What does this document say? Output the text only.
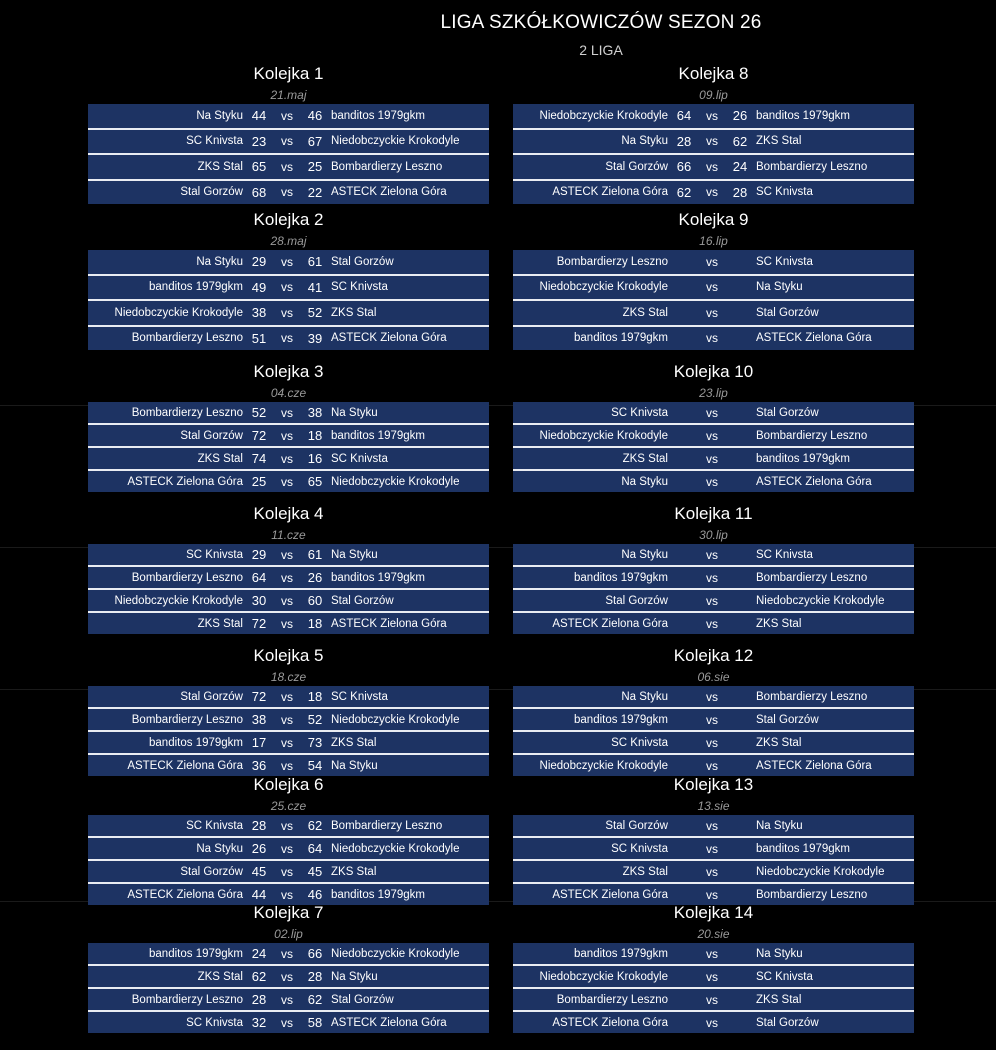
LIGA SZKÓŁKOWICZÓW SEZON 26
2 LIGA
Kolejka 1
21.maj
Na Styku 44	vs	46 banditos 1979gkm
SC Knivsta 23	vs	67 Niedobczyckie Krokodyle
ZKS Stal 65	vs	25 Bombardierzy Leszno
Stal Gorzów 68	vs	22 ASTECK Zielona Góra
Kolejka 8
09.lip
Niedobczyckie Krokodyle 64	vs	26 banditos 1979gkm
Na Styku 28	vs	62 ZKS Stal
Stal Gorzów 66	vs	24 Bombardierzy Leszno
ASTECK Zielona Góra 62	vs	28 SC Knivsta
Kolejka 2
28.maj
Na Styku 29	vs	61 Stal Gorzów
banditos 1979gkm 49	vs	41 SC Knivsta
Niedobczyckie Krokodyle 38	vs	52 ZKS Stal
Bombardierzy Leszno 51	vs	39 ASTECK Zielona Góra
Kolejka 9
16.lip
Bombardierzy Leszno	vs	SC Knivsta
Niedobczyckie Krokodyle	vs	Na Styku
ZKS Stal	vs	Stal Gorzów
banditos 1979gkm	vs	ASTECK Zielona Góra
Kolejka 3
04.cze
Bombardierzy Leszno 52	vs	38 Na Styku
Stal Gorzów 72	vs	18 banditos 1979gkm
ZKS Stal 74	vs	16 SC Knivsta
ASTECK Zielona Góra 25	vs	65 Niedobczyckie Krokodyle
Kolejka 10
23.lip
SC Knivsta	vs	Stal Gorzów
Niedobczyckie Krokodyle	vs	Bombardierzy Leszno
ZKS Stal	vs	banditos 1979gkm
Na Styku	vs	ASTECK Zielona Góra
Kolejka 4
11.cze
SC Knivsta 29	vs	61 Na Styku
Bombardierzy Leszno 64	vs	26 banditos 1979gkm
Niedobczyckie Krokodyle 30	vs	60 Stal Gorzów
ZKS Stal 72	vs	18 ASTECK Zielona Góra
Kolejka 11
30.lip
Na Styku	vs	SC Knivsta
banditos 1979gkm	vs	Bombardierzy Leszno
Stal Gorzów	vs	Niedobczyckie Krokodyle
ASTECK Zielona Góra	vs	ZKS Stal
Kolejka 5
18.cze
Stal Gorzów 72	vs	18 SC Knivsta
Bombardierzy Leszno 38	vs	52 Niedobczyckie Krokodyle
banditos 1979gkm 17	vs	73 ZKS Stal
ASTECK Zielona Góra 36	vs	54 Na Styku
Kolejka 12
06.sie
Na Styku	vs	Bombardierzy Leszno
banditos 1979gkm	vs	Stal Gorzów
SC Knivsta	vs	ZKS Stal
Niedobczyckie Krokodyle	vs	ASTECK Zielona Góra
Kolejka 6
25.cze
SC Knivsta 28	vs	62 Bombardierzy Leszno
Na Styku 26	vs	64 Niedobczyckie Krokodyle
Stal Gorzów 45	vs	45 ZKS Stal
ASTECK Zielona Góra 44	vs	46 banditos 1979gkm
Kolejka 13
13.sie
Stal Gorzów	vs	Na Styku
SC Knivsta	vs	banditos 1979gkm
ZKS Stal	vs	Niedobczyckie Krokodyle
ASTECK Zielona Góra	vs	Bombardierzy Leszno
Kolejka 7
02.lip
banditos 1979gkm 24	vs	66 Niedobczyckie Krokodyle
ZKS Stal 62	vs	28 Na Styku
Bombardierzy Leszno 28	vs	62 Stal Gorzów
SC Knivsta 32	vs	58 ASTECK Zielona Góra
Kolejka 14
20.sie
banditos 1979gkm	vs	Na Styku
Niedobczyckie Krokodyle	vs	SC Knivsta
Bombardierzy Leszno	vs	ZKS Stal
ASTECK Zielona Góra	vs	Stal Gorzów
